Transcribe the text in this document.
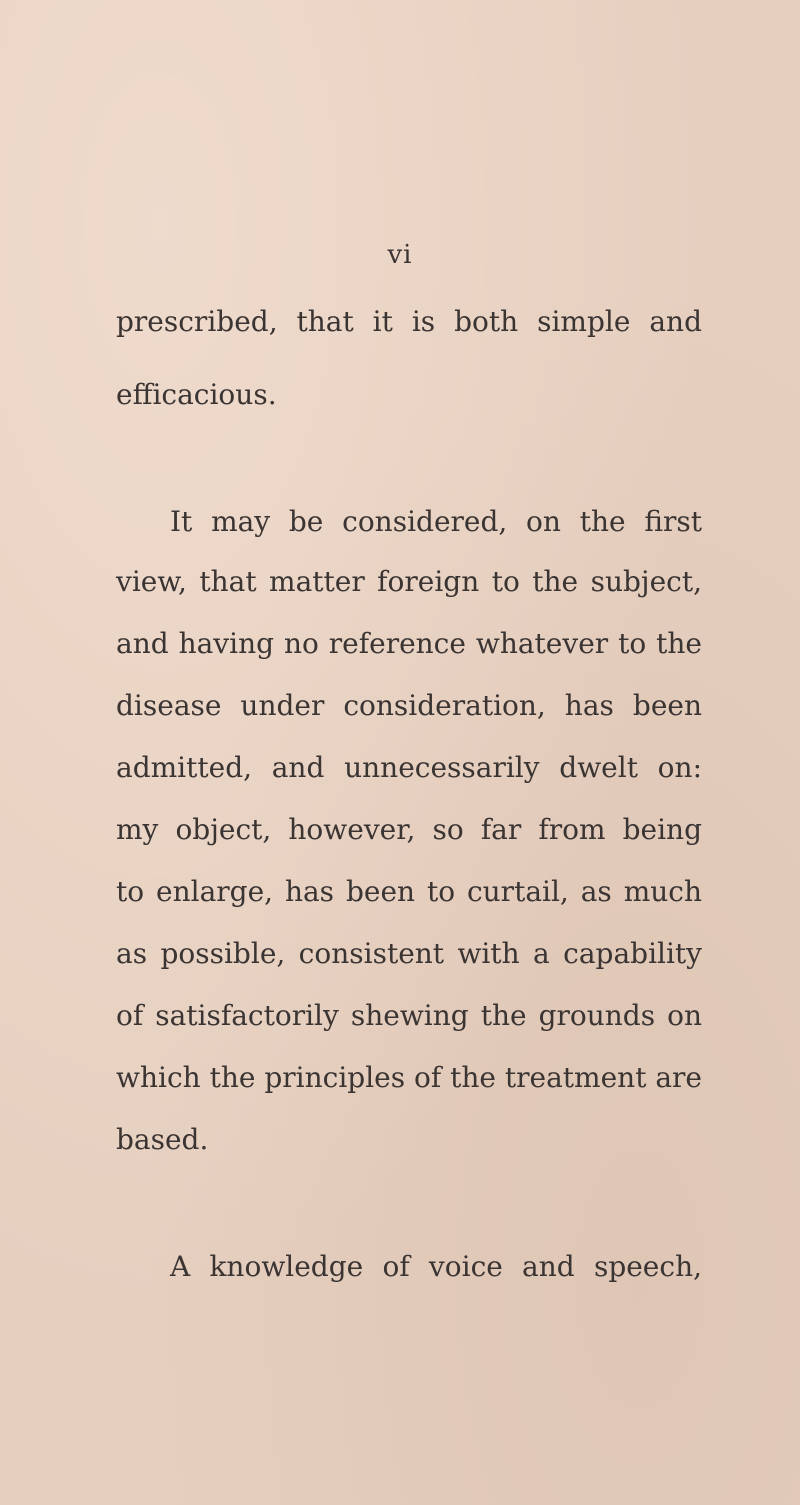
vi
prescribed, that it is both simple and
efficacious.
It may be considered, on the first
view, that matter foreign to the subject,
and having no reference whatever to the
disease under consideration, has been
admitted, and unnecessarily dwelt on:
my object, however, so far from being
to enlarge, has been to curtail, as much
as possible, consistent with a capability
of satisfactorily shewing the grounds on
which the principles of the treatment are
based.
A knowledge of voice and speech,
